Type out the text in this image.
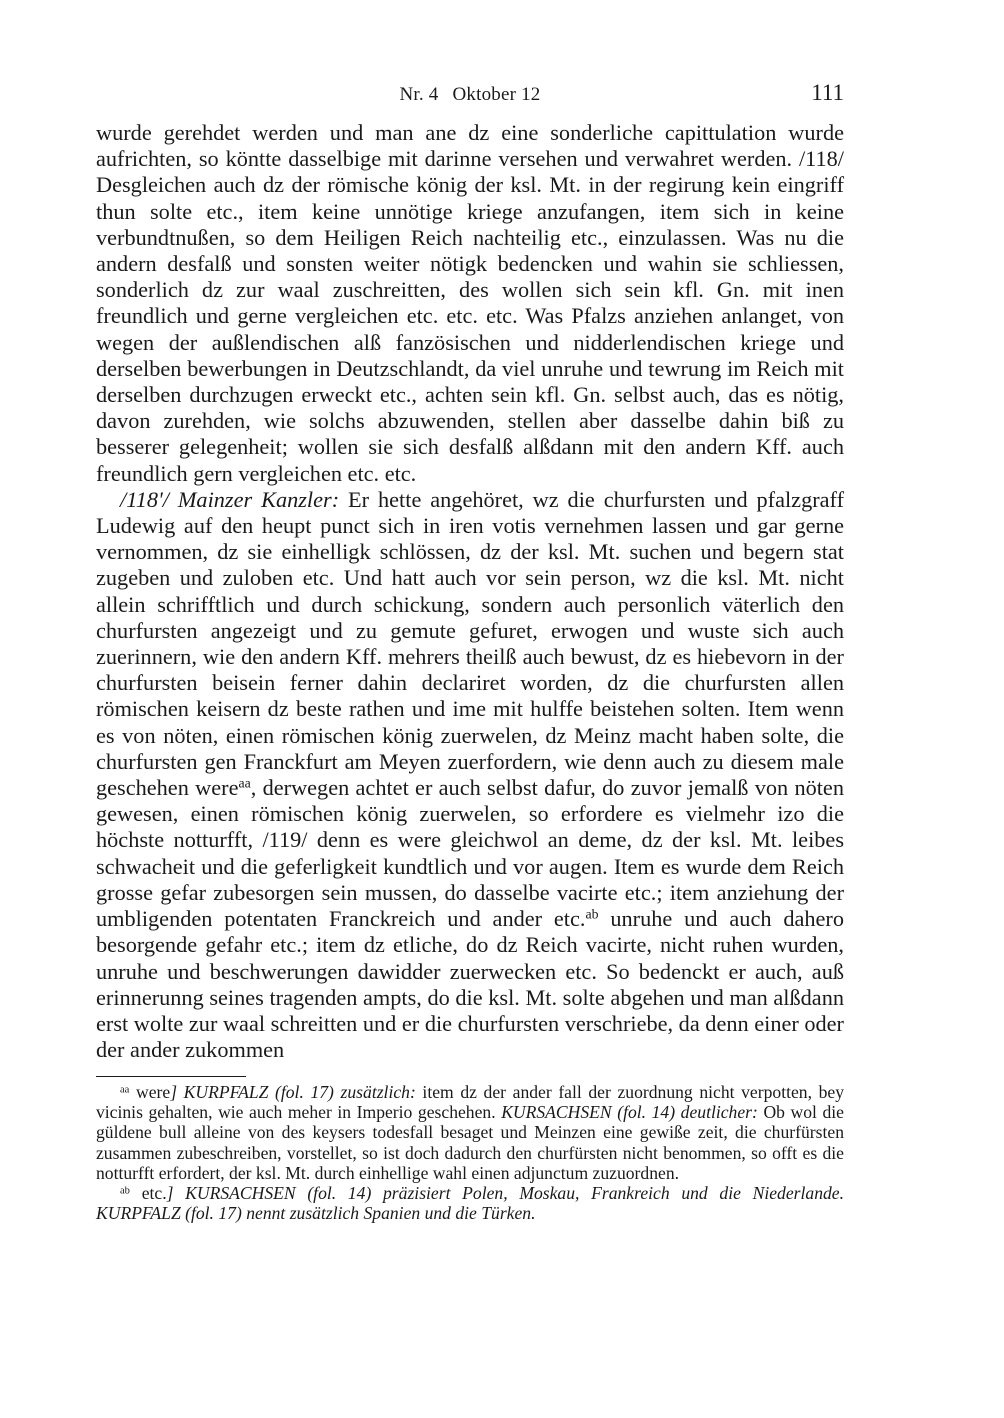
Nr. 4 Oktober 12	111

wurde gerehdet werden und man ane dz eine sonderliche capittulation wurde aufrichten, so köntte dasselbige mit darinne versehen und verwahret werden. /118/ Desgleichen auch dz der römische könig der ksl. Mt. in der regirung kein eingriff thun solte etc., item keine unnötige kriege anzufangen, item sich in keine verbundtnußen, so dem Heiligen Reich nachteilig etc., einzulassen. Was nu die andern desfalß und sonsten weiter nötigk bedencken und wahin sie schliessen, sonderlich dz zur waal zuschreitten, des wollen sich sein kfl. Gn. mit inen freundlich und gerne vergleichen etc. etc. etc. Was Pfalzs anziehen anlanget, von wegen der außlendischen alß fanzösischen und nidderlendischen kriege und derselben bewerbungen in Deutzschlandt, da viel unruhe und tewrung im Reich mit derselben durchzugen erweckt etc., achten sein kfl. Gn. selbst auch, das es nötig, davon zurehden, wie solchs abzuwenden, stellen aber dasselbe dahin biß zu besserer gelegenheit; wollen sie sich desfalß alßdann mit den andern Kff. auch freundlich gern vergleichen etc. etc.

/118'/ Mainzer Kanzler: Er hette angehöret, wz die churfursten und pfalzgraff Ludewig auf den heupt punct sich in iren votis vernehmen lassen und gar gerne vernommen, dz sie einhelligk schlössen, dz der ksl. Mt. suchen und begern stat zugeben und zuloben etc. Und hatt auch vor sein person, wz die ksl. Mt. nicht allein schrifftlich und durch schickung, sondern auch personlich väterlich den churfursten angezeigt und zu gemute gefuret, erwogen und wuste sich auch zuerinnern, wie den andern Kff. mehrers theilß auch bewust, dz es hiebevorn in der churfursten beisein ferner dahin declariret worden, dz die churfursten allen römischen keisern dz beste rathen und ime mit hulffe beistehen solten. Item wenn es von nöten, einen römischen könig zuerwelen, dz Meinz macht haben solte, die churfursten gen Franckfurt am Meyen zuerfordern, wie denn auch zu diesem male geschehen were$^{aa}$, derwegen achtet er auch selbst dafur, do zuvor jemalß von nöten gewesen, einen römischen könig zuerwelen, so erfordere es vielmehr izo die höchste notturfft, /119/ denn es were gleichwol an deme, dz der ksl. Mt. leibes schwacheit und die geferligkeit kundtlich und vor augen. Item es wurde dem Reich grosse gefar zubesorgen sein mussen, do dasselbe vacirte etc.; item anziehung der umbligenden potentaten Franckreich und ander etc.$^{ab}$ unruhe und auch dahero besorgende gefahr etc.; item dz etliche, do dz Reich vacirte, nicht ruhen wurden, unruhe und beschwerungen dawidder zuerwecken etc. So bedenckt er auch, auß erinnerunng seines tragenden ampts, do die ksl. Mt. solte abgehen und man alßdann erst wolte zur waal schreitten und er die churfursten verschriebe, da denn einer oder der ander zukommen

$^{aa}$ were] KURPFALZ (fol. 17) zusätzlich: item dz der ander fall der zuordnung nicht verpotten, bey vicinis gehalten, wie auch meher in Imperio geschehen. KURSACHSEN (fol. 14) deutlicher: Ob wol die güldene bull alleine von des keysers todesfall besaget und Meinzen eine gewiße zeit, die churfürsten zusammen zubeschreiben, vorstellet, so ist doch dadurch den churfürsten nicht benommen, so offt es die notturfft erfordert, der ksl. Mt. durch einhellige wahl einen adjunctum zuzuordnen.

$^{ab}$ etc.] KURSACHSEN (fol. 14) präzisiert Polen, Moskau, Frankreich und die Niederlande. KURPFALZ (fol. 17) nennt zusätzlich Spanien und die Türken.
